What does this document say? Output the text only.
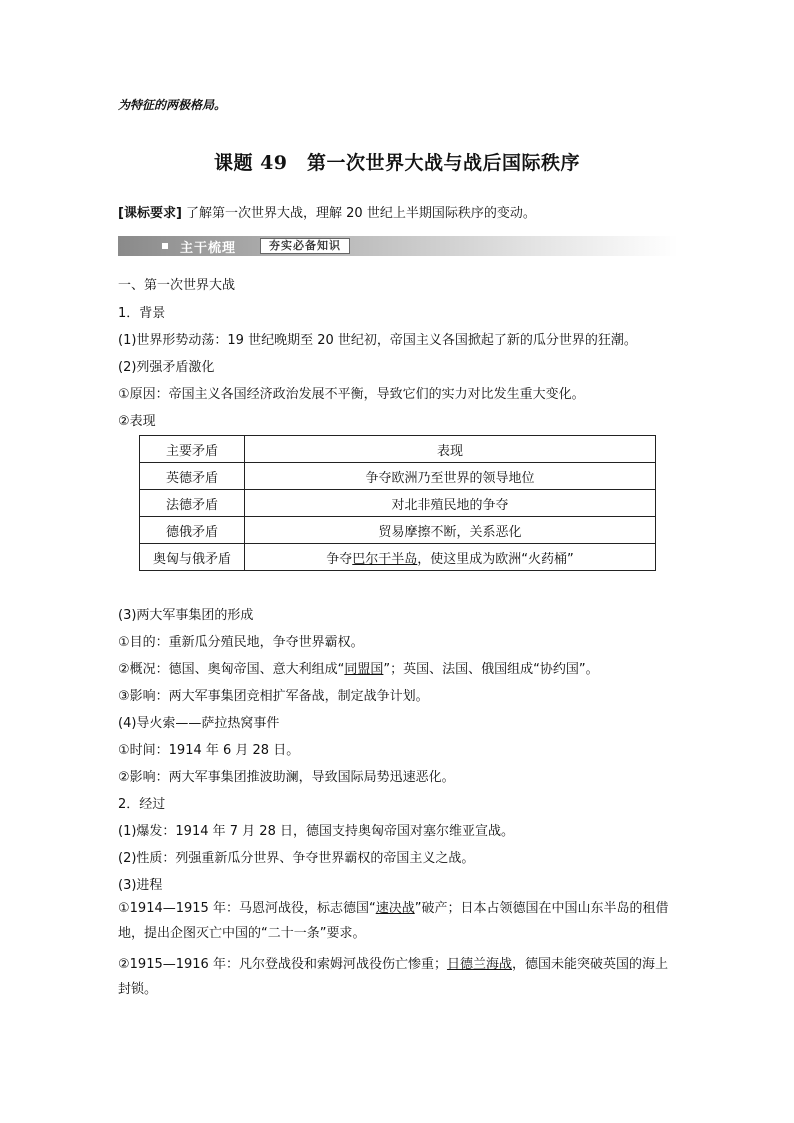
为特征的两极格局。
课题 49　第一次世界大战与战后国际秩序
[课标要求] 了解第一次世界大战，理解 20 世纪上半期国际秩序的变动。
主干梳理	夯实必备知识
一、第一次世界大战
1．背景
(1)世界形势动荡：19 世纪晚期至 20 世纪初，帝国主义各国掀起了新的瓜分世界的狂潮。
(2)列强矛盾激化
①原因：帝国主义各国经济政治发展不平衡，导致它们的实力对比发生重大变化。
②表现
主要矛盾	表现
英德矛盾	争夺欧洲乃至世界的领导地位
法德矛盾	对北非殖民地的争夺
德俄矛盾	贸易摩擦不断，关系恶化
奥匈与俄矛盾	争夺巴尔干半岛，使这里成为欧洲“火药桶”
(3)两大军事集团的形成
①目的：重新瓜分殖民地，争夺世界霸权。
②概况：德国、奥匈帝国、意大利组成“同盟国”；英国、法国、俄国组成“协约国”。
③影响：两大军事集团竞相扩军备战，制定战争计划。
(4)导火索——萨拉热窝事件
①时间：1914 年 6 月 28 日。
②影响：两大军事集团推波助澜，导致国际局势迅速恶化。
2．经过
(1)爆发：1914 年 7 月 28 日，德国支持奥匈帝国对塞尔维亚宣战。
(2)性质：列强重新瓜分世界、争夺世界霸权的帝国主义之战。
(3)进程
①1914—1915 年：马恩河战役，标志德国“速决战”破产；日本占领德国在中国山东半岛的租借地，提出企图灭亡中国的“二十一条”要求。
②1915—1916 年：凡尔登战役和索姆河战役伤亡惨重；日德兰海战，德国未能突破英国的海上封锁。
